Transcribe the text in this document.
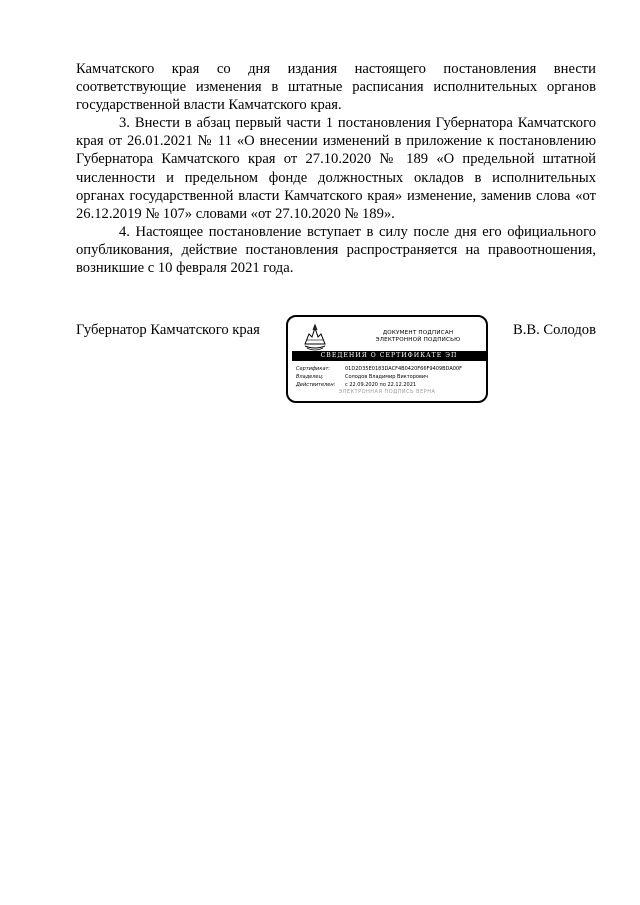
Камчатского края со дня издания настоящего постановления внести соответствующие изменения в штатные расписания исполнительных органов государственной власти Камчатского края.

3. Внести в абзац первый части 1 постановления Губернатора Камчатского края от 26.01.2021 № 11 «О внесении изменений в приложение к постановлению Губернатора Камчатского края от 27.10.2020 № 189 «О предельной штатной численности и предельном фонде должностных окладов в исполнительных органах государственной власти Камчатского края» изменение, заменив слова «от 26.12.2019 № 107» словами «от 27.10.2020 № 189».

4. Настоящее постановление вступает в силу после дня его официального опубликования, действие постановления распространяется на правоотношения, возникшие с 10 февраля 2021 года.

Губернатор Камчатского края	ДОКУМЕНТ ПОДПИСАН
ЭЛЕКТРОННОЙ ПОДПИСЬЮ
СВЕДЕНИЯ О СЕРТИФИКАТЕ ЭП
Сертификат:	01D2D35E0183DACF4B0420F66F9409BDA00F
Владелец:	Солодов Владимир Викторович
Действителен:	с 22.09.2020 по 22.12.2021
ЭЛЕКТРОННАЯ ПОДПИСЬ ВЕРНА
В.В. Солодов
